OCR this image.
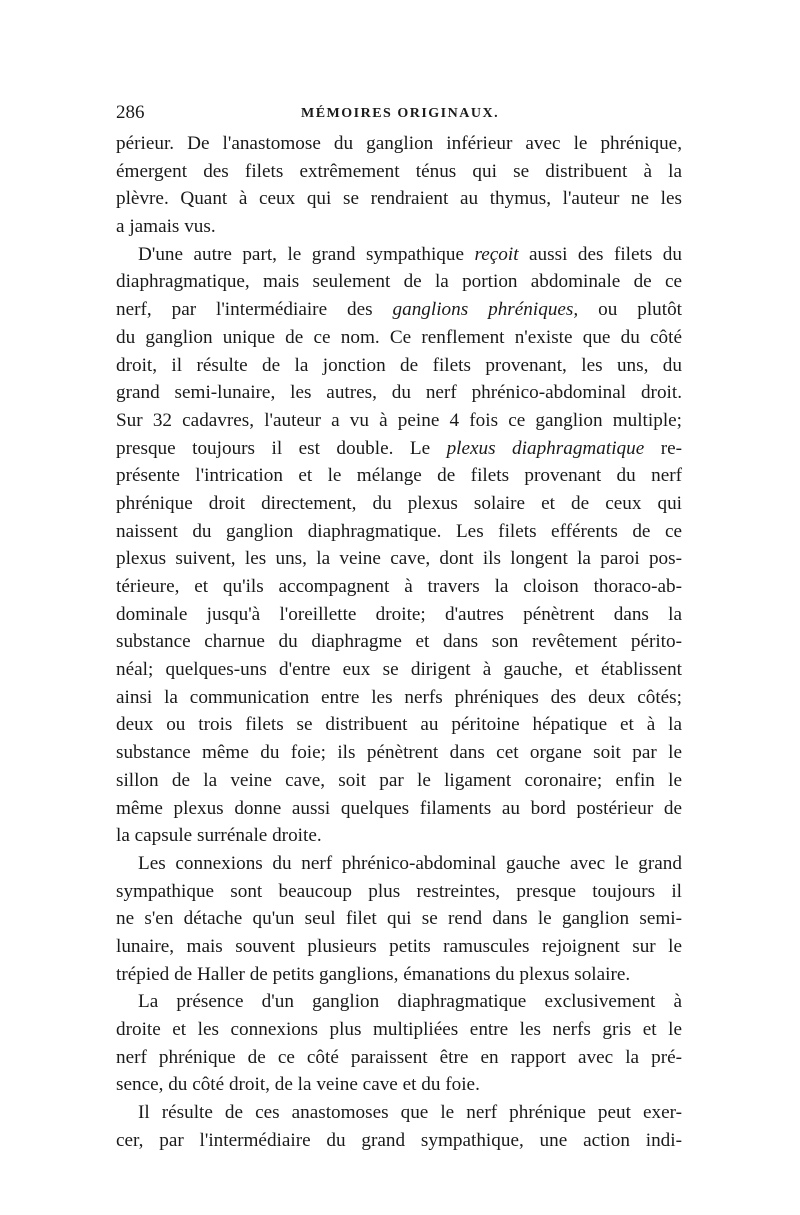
286	MÉMOIRES ORIGINAUX.
périeur. De l'anastomose du ganglion inférieur avec le phrénique,
émergent des filets extrêmement ténus qui se distribuent à la
plèvre. Quant à ceux qui se rendraient au thymus, l'auteur ne les
a jamais vus.
D'une autre part, le grand sympathique reçoit aussi des filets du
diaphragmatique, mais seulement de la portion abdominale de ce
nerf, par l'intermédiaire des ganglions phréniques, ou plutôt
du ganglion unique de ce nom. Ce renflement n'existe que du côté
droit, il résulte de la jonction de filets provenant, les uns, du
grand semi-lunaire, les autres, du nerf phrénico-abdominal droit.
Sur 32 cadavres, l'auteur a vu à peine 4 fois ce ganglion multiple;
presque toujours il est double. Le plexus diaphragmatique re-
présente l'intrication et le mélange de filets provenant du nerf
phrénique droit directement, du plexus solaire et de ceux qui
naissent du ganglion diaphragmatique. Les filets efférents de ce
plexus suivent, les uns, la veine cave, dont ils longent la paroi pos-
térieure, et qu'ils accompagnent à travers la cloison thoraco-ab-
dominale jusqu'à l'oreillette droite; d'autres pénètrent dans la
substance charnue du diaphragme et dans son revêtement périto-
néal; quelques-uns d'entre eux se dirigent à gauche, et établissent
ainsi la communication entre les nerfs phréniques des deux côtés;
deux ou trois filets se distribuent au péritoine hépatique et à la
substance même du foie; ils pénètrent dans cet organe soit par le
sillon de la veine cave, soit par le ligament coronaire; enfin le
même plexus donne aussi quelques filaments au bord postérieur de
la capsule surrénale droite.
Les connexions du nerf phrénico-abdominal gauche avec le grand
sympathique sont beaucoup plus restreintes, presque toujours il
ne s'en détache qu'un seul filet qui se rend dans le ganglion semi-
lunaire, mais souvent plusieurs petits ramuscules rejoignent sur le
trépied de Haller de petits ganglions, émanations du plexus solaire.
La présence d'un ganglion diaphragmatique exclusivement à
droite et les connexions plus multipliées entre les nerfs gris et le
nerf phrénique de ce côté paraissent être en rapport avec la pré-
sence, du côté droit, de la veine cave et du foie.
Il résulte de ces anastomoses que le nerf phrénique peut exer-
cer, par l'intermédiaire du grand sympathique, une action indi-
